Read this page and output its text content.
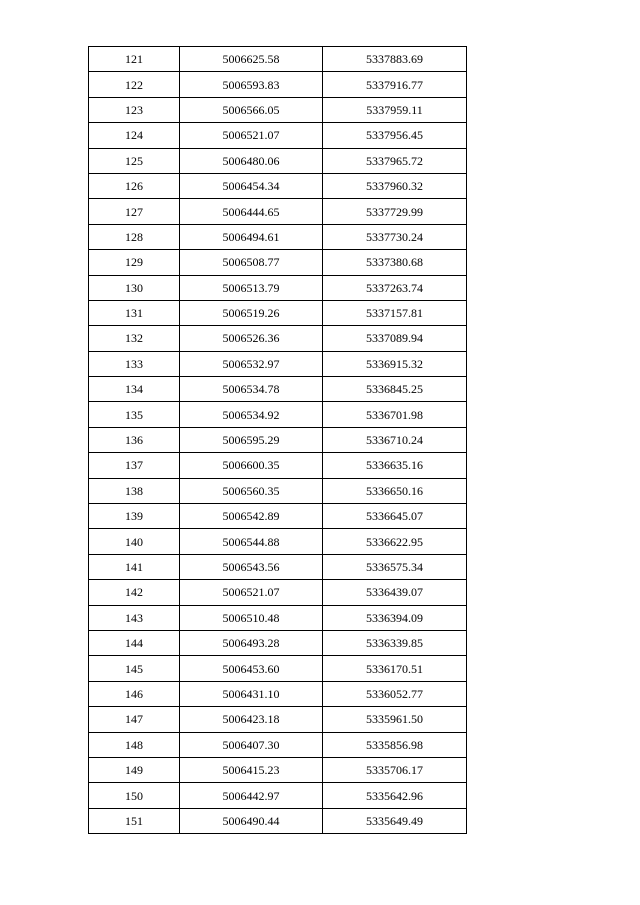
121	5006625.58	5337883.69
122	5006593.83	5337916.77
123	5006566.05	5337959.11
124	5006521.07	5337956.45
125	5006480.06	5337965.72
126	5006454.34	5337960.32
127	5006444.65	5337729.99
128	5006494.61	5337730.24
129	5006508.77	5337380.68
130	5006513.79	5337263.74
131	5006519.26	5337157.81
132	5006526.36	5337089.94
133	5006532.97	5336915.32
134	5006534.78	5336845.25
135	5006534.92	5336701.98
136	5006595.29	5336710.24
137	5006600.35	5336635.16
138	5006560.35	5336650.16
139	5006542.89	5336645.07
140	5006544.88	5336622.95
141	5006543.56	5336575.34
142	5006521.07	5336439.07
143	5006510.48	5336394.09
144	5006493.28	5336339.85
145	5006453.60	5336170.51
146	5006431.10	5336052.77
147	5006423.18	5335961.50
148	5006407.30	5335856.98
149	5006415.23	5335706.17
150	5006442.97	5335642.96
151	5006490.44	5335649.49
